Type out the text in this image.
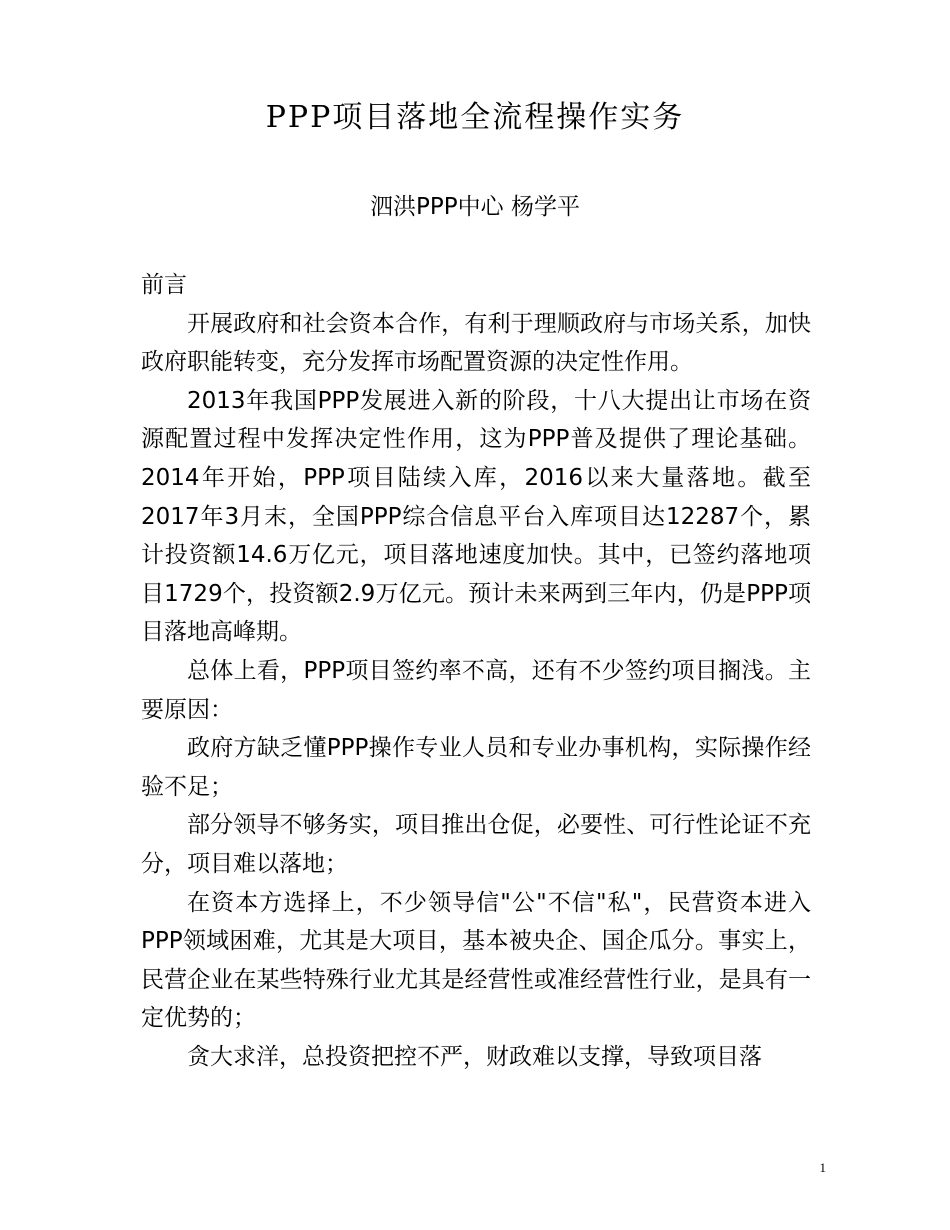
PPP项目落地全流程操作实务
泗洪PPP中心 杨学平

前言

开展政府和社会资本合作，有利于理顺政府与市场关系，加快政府职能转变，充分发挥市场配置资源的决定性作用。

2013年我国PPP发展进入新的阶段，十八大提出让市场在资源配置过程中发挥决定性作用，这为PPP普及提供了理论基础。2014年开始，PPP项目陆续入库，2016以来大量落地。截至2017年3月末，全国PPP综合信息平台入库项目达12287个，累计投资额14.6万亿元，项目落地速度加快。其中，已签约落地项目1729个，投资额2.9万亿元。预计未来两到三年内，仍是PPP项目落地高峰期。

总体上看，PPP项目签约率不高，还有不少签约项目搁浅。主要原因：

政府方缺乏懂PPP操作专业人员和专业办事机构，实际操作经验不足；

部分领导不够务实，项目推出仓促，必要性、可行性论证不充分，项目难以落地；

在资本方选择上，不少领导信"公"不信"私"，民营资本进入PPP领域困难，尤其是大项目，基本被央企、国企瓜分。事实上，民营企业在某些特殊行业尤其是经营性或准经营性行业，是具有一定优势的；

贪大求洋，总投资把控不严，财政难以支撑，导致项目落

1
